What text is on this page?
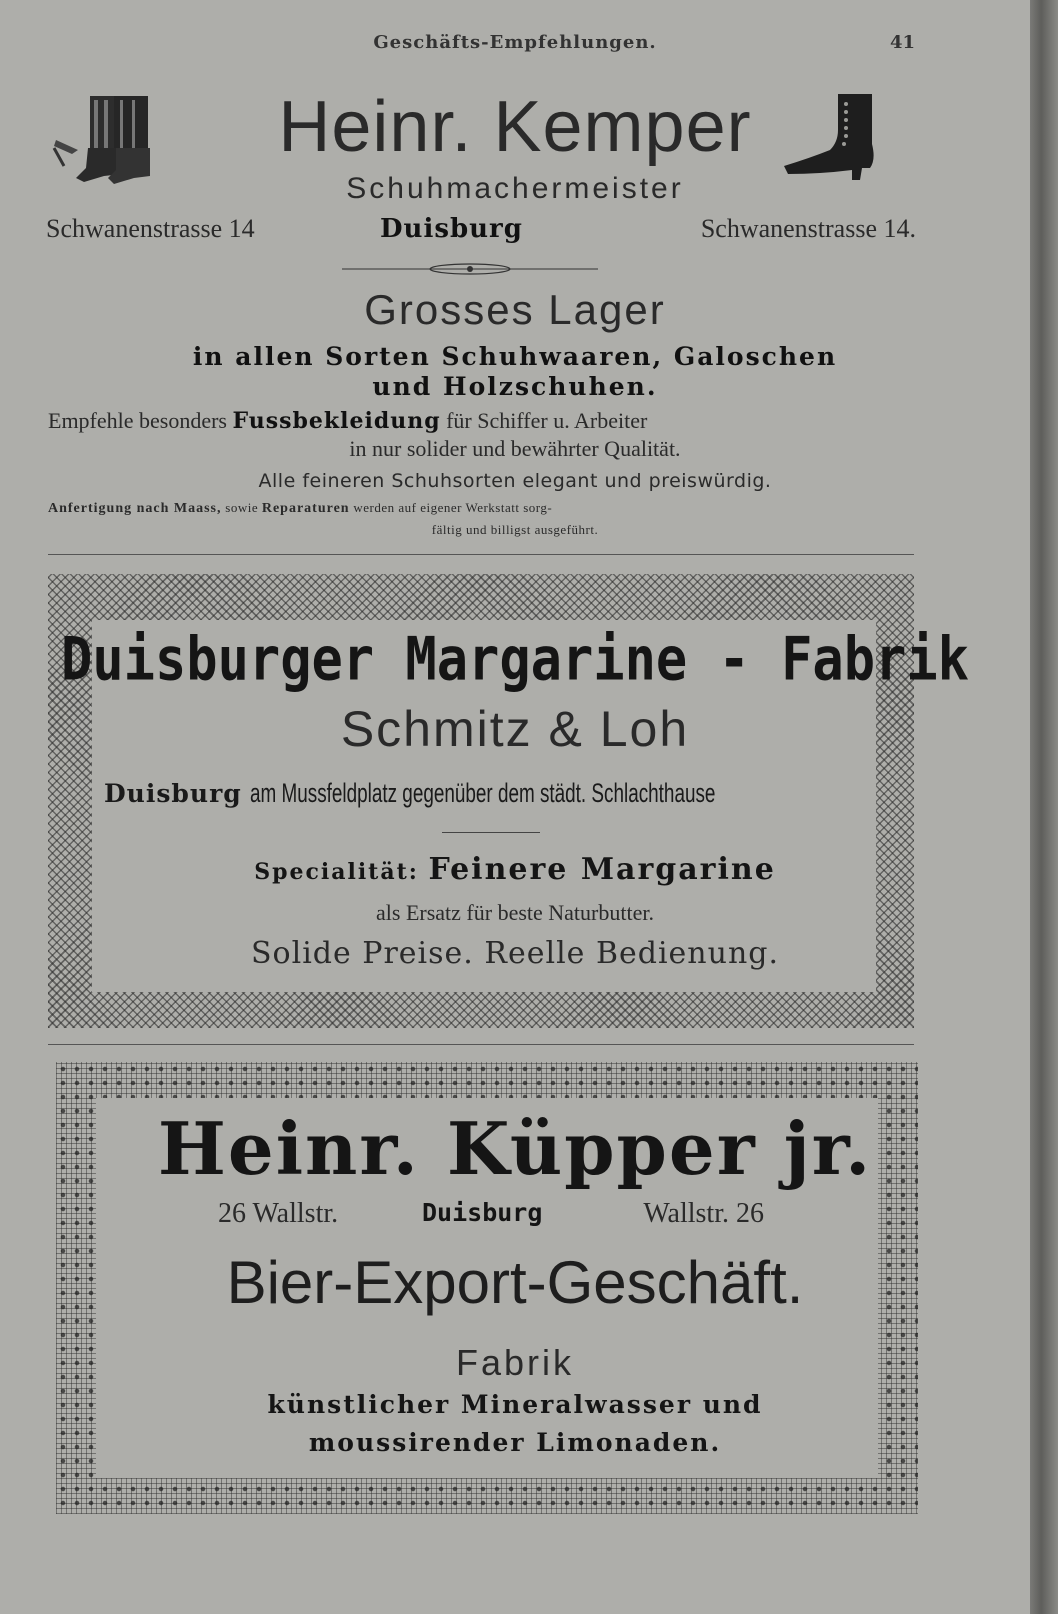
Geschäfts-Empfehlungen.	41
Heinr. Kemper
Schuhmachermeister
Schwanenstrasse 14	Duisburg	Schwanenstrasse 14.
Grosses Lager
in allen Sorten Schuhwaaren, Galoschen
und Holzschuhen.
Empfehle besonders Fussbekleidung für Schiffer u. Arbeiter
in nur solider und bewährter Qualität.
Alle feineren Schuhsorten elegant und preiswürdig.
Anfertigung nach Maass, sowie Reparaturen werden auf eigener Werkstatt sorg-
fältig und billigst ausgeführt.
Duisburger Margarine - Fabrik
Schmitz & Loh
Duisburg am Mussfeldplatz gegenüber dem städt. Schlachthause
Specialität: Feinere Margarine
als Ersatz für beste Naturbutter.
Solide Preise. Reelle Bedienung.
Heinr. Küpper jr.
26 Wallstr.	Duisburg	Wallstr. 26
Bier-Export-Geschäft.
Fabrik
künstlicher Mineralwasser und
moussirender Limonaden.
